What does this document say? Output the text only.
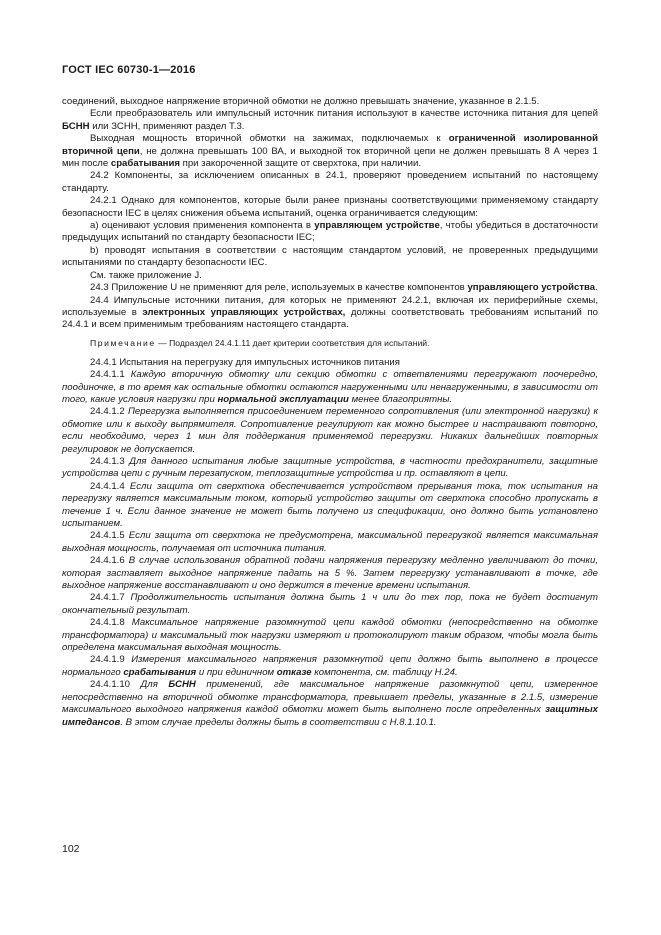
ГОСТ IEC 60730-1—2016

соединений, выходное напряжение вторичной обмотки не должно превышать значение, указанное в 2.1.5.

Если преобразователь или импульсный источник питания используют в качестве источника питания для цепей БСНН или ЗСНН, применяют раздел Т.3.

Выходная мощность вторичной обмотки на зажимах, подключаемых к ограниченной изолированной вторичной цепи, не должна превышать 100 ВА, и выходной ток вторичной цепи не должен превышать 8 А через 1 мин после срабатывания при закороченной защите от сверхтока, при наличии.

24.2 Компоненты, за исключением описанных в 24.1, проверяют проведением испытаний по настоящему стандарту.

24.2.1 Однако для компонентов, которые были ранее признаны соответствующими применяемому стандарту безопасности IEC в целях снижения объема испытаний, оценка ограничивается следующим:

a) оценивают условия применения компонента в управляющем устройстве, чтобы убедиться в достаточности предыдущих испытаний по стандарту безопасности IEC;

b) проводят испытания в соответствии с настоящим стандартом условий, не проверенных предыдущими испытаниями по стандарту безопасности IEC.

См. также приложение J.

24.3 Приложение U не применяют для реле, используемых в качестве компонентов управляющего устройства.

24.4 Импульсные источники питания, для которых не применяют 24.2.1, включая их периферийные схемы, используемые в электронных управляющих устройствах, должны соответствовать требованиям испытаний по 24.4.1 и всем применимым требованиям настоящего стандарта.

Примечание — Подраздел 24.4.1.11 дает критерии соответствия для испытаний.

24.4.1 Испытания на перегрузку для импульсных источников питания

24.4.1.1 Каждую вторичную обмотку или секцию обмотки с ответвлениями перегружают поочередно, поодиночке, в то время как остальные обмотки остаются нагруженными или ненагруженными, в зависимости от того, какие условия нагрузки при нормальной эксплуатации менее благоприятны.

24.4.1.2 Перегрузка выполняется присоединением переменного сопротивления (или электронной нагрузки) к обмотке или к выходу выпрямителя. Сопротивление регулируют как можно быстрее и настраивают повторно, если необходимо, через 1 мин для поддержания применяемой перегрузки. Никаких дальнейших повторных регулировок не допускается.

24.4.1.3 Для данного испытания любые защитные устройства, в частности предохранители, защитные устройства цепи с ручным перезапуском, теплозащитные устройства и пр. оставляют в цепи.

24.4.1.4 Если защита от сверхтока обеспечивается устройством прерывания тока, ток испытания на перегрузку является максимальным током, который устройство защиты от сверхтока способно пропускать в течение 1 ч. Если данное значение не может быть получено из спецификации, оно должно быть установлено испытанием.

24.4.1.5 Если защита от сверхтока не предусмотрена, максимальной перегрузкой является максимальная выходная мощность, получаемая от источника питания.

24.4.1.6 В случае использования обратной подачи напряжения перегрузку медленно увеличивают до точки, которая заставляет выходное напряжение падать на 5 %. Затем перегрузку устанавливают в точке, где выходное напряжение восстанавливают и оно держится в течение времени испытания.

24.4.1.7 Продолжительность испытания должна быть 1 ч или до тех пор, пока не будет достигнут окончательный результат.

24.4.1.8 Максимальное напряжение разомкнутой цепи каждой обмотки (непосредственно на обмотке трансформатора) и максимальный ток нагрузки измеряют и протоколируют таким образом, чтобы могла быть определена максимальная выходная мощность.

24.4.1.9 Измерения максимального напряжения разомкнутой цепи должно быть выполнено в процессе нормального срабатывания и при единичном отказе компонента, см. таблицу Н.24.

24.4.1.10 Для БСНН применений, где максимальное напряжение разомкнутой цепи, измеренное непосредственно на вторичной обмотке трансформатора, превышает пределы, указанные в 2.1.5, измерение максимального выходного напряжения каждой обмотки может быть выполнено после определенных защитных импедансов. В этом случае пределы должны быть в соответствии с Н.8.1.10.1.

102
